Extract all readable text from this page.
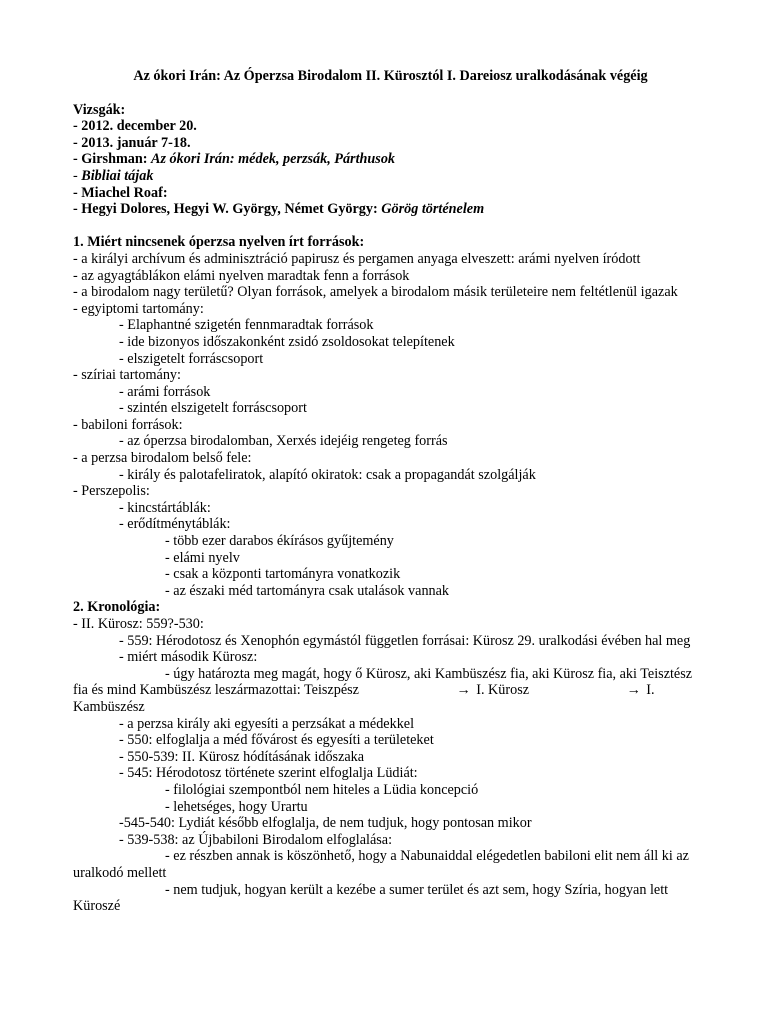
Az ókori Irán: Az Óperzsa Birodalom II. Kürosztól I. Dareiosz uralkodásának végéig

Vizsgák:

- 2012. december 20.

- 2013. január 7-18.

- Girshman: Az ókori Irán: médek, perzsák, Párthusok

- Bibliai tájak

- Miachel Roaf:

- Hegyi Dolores, Hegyi W. György, Német György: Görög történelem

1. Miért nincsenek óperzsa nyelven írt források:

- a királyi archívum és adminisztráció papirusz és pergamen anyaga elveszett: arámi nyelven íródott

- az agyagtáblákon elámi nyelven maradtak fenn a források

- a birodalom nagy területű? Olyan források, amelyek a birodalom másik területeire nem feltétlenül igazak

- egyiptomi tartomány:

- Elaphantné szigetén fennmaradtak források

- ide bizonyos időszakonként zsidó zsoldosokat telepítenek

- elszigetelt forráscsoport

- szíriai tartomány:

- arámi források

- szintén elszigetelt forráscsoport

- babiloni források:

- az óperzsa birodalomban, Xerxés idejéig rengeteg forrás

- a perzsa birodalom belső fele:

- király és palotafeliratok, alapító okiratok: csak a propagandát szolgálják

- Perszepolis:

- kincstártáblák:

- erődítménytáblák:

- több ezer darabos ékírásos gyűjtemény

- elámi nyelv

- csak a központi tartományra vonatkozik

- az északi méd tartományra csak utalások vannak

2. Kronológia:

- II. Kürosz: 559?-530:

- 559: Hérodotosz és Xenophón egymástól független forrásai: Kürosz 29. uralkodási évében hal meg

- miért második Kürosz:

- úgy határozta meg magát, hogy ő Kürosz, aki Kambüszész fia, aki Kürosz fia, aki Teisztész fia és mind Kambüszész leszármazottai: Teiszpész	→ I. Kürosz	→ I. Kambüszész

- a perzsa király aki egyesíti a perzsákat a médekkel

- 550: elfoglalja a méd fővárost és egyesíti a területeket

- 550-539: II. Kürosz hódításának időszaka

- 545: Hérodotosz története szerint elfoglalja Lüdiát:

- filológiai szempontból nem hiteles a Lüdia koncepció

- lehetséges, hogy Urartu

-545-540: Lydiát később elfoglalja, de nem tudjuk, hogy pontosan mikor

- 539-538: az Újbabiloni Birodalom elfoglalása:

- ez részben annak is köszönhető, hogy a Nabunaiddal elégedetlen babiloni elit nem áll ki az uralkodó mellett

- nem tudjuk, hogyan került a kezébe a sumer terület és azt sem, hogy Szíria, hogyan lett Küroszé
